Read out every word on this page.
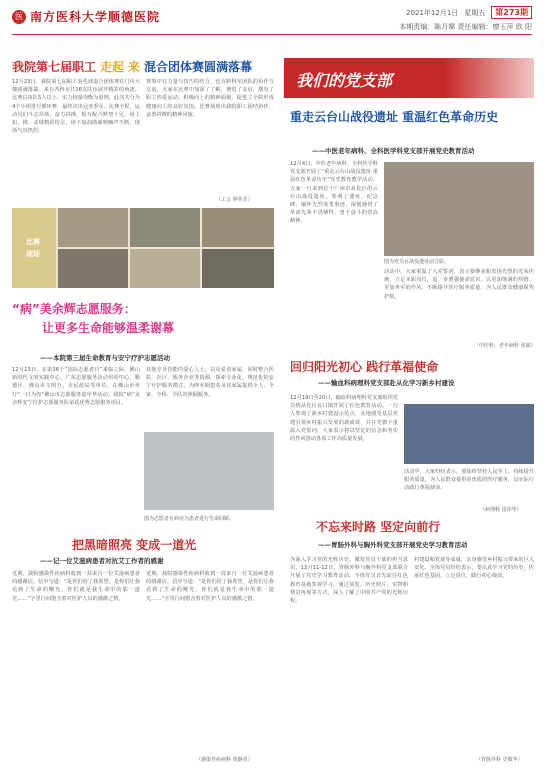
医 南方医科大学顺德医院	2021年12月1日 星期五	第273期
本期责编：陈月嫦 责任编辑：廖玉萍 欧 阳
我院第七届职工 走起 来 混合团体赛圆满落幕
12月23日，我院第七届职工羽毛球混合团体赛在门诊大楼圆满落幕。来自各科室共16支队伍展开精彩的角逐。比赛以每队5人以上、实力较量均衡为原则，此次共分为4个小组进行循环赛，最终决出冠亚季军。比赛全程，运动员们斗志昂扬、奋力拼搏，相互配合默契十足，场上扣、挑、杀球精彩纷呈，场下加油助威呐喊声不断，现场气氛热烈。
赛事中有力量与技巧的结合，也有跨科室团队的协作与交流。大家在比赛中加深了了解、增进了友谊，激发了职工热爱运动、积极向上的精神面貌，促进了全院形成健康向上的良好氛围。比赛展现出我院职工团结协作、奋勇拼搏的精神风貌。
（工会 钟英芳）
比赛
现场
“病”美余辉志愿服务：
让更多生命能够温柔谢幕
——本院第三届生命教育与安宁疗护志愿活动
12月13日，在第36个“国际志愿者日”来临之际，佛山新时代文明实践中心、广东志愿服务活动培训中心、顺德区、佛山市文明办、市民政局等单位，在佛山市举行“一日为你”佛山市志愿服务嘉年华活动。我院“病”美余辉安宁疗护志愿服务队荣获优秀志愿服务项目。
其他专业技能的爱心人士，以及爱者家属，同时整合医院、社区、服务企业等资源，探索专业化、规范化的安宁疗护服务模式，为终末期患者及其家属提供全人、全家、全程、全队的照顾服务。
图为志愿者在病房为患者进行生命回顾。
把黑暗照亮 变成一道光
——记一位艾滋病患者对抗艾工作者的感谢
近期，我院感染性疾病科收到一封来自一位艾滋病患者的感谢信。信中写道：“是你们给了我希望，是你们让我看到了生命的曙光，你们就是我生命中的那一道光……”字里行间饱含着对医护人员的感激之情。
近期，我院感染性疾病科收到一封来自一位艾滋病患者的感谢信。信中写道：“是你们给了我希望，是你们让我看到了生命的曙光，你们就是我生命中的那一道光……”字里行间饱含着对医护人员的感激之情。
（感染性疾病科 黄静苗）
我们的党支部
重走云台山战役遗址 重温红色革命历史
——中医老年病科、全科医学科党支部开展党史教育活动
12月4日，中医老年病科、全科医学科党支部开展了“重走云台山战役遗址 重温红色革命历史”党史教育教学活动。大家一行来到位于广州市从化区的云台山战役遗址，参观了遗址、纪念碑，缅怀先烈英勇事迹，深刻感悟了革命先辈不畏牺牲、勇于奋斗的崇高精神。
图为党员在战役遗址前合影。
活动中，大家重温了入党誓词，表示要继承和发扬先烈的光荣传统，立足本职岗位，进一步增强使命意识，以更加饱满的热情、更加务实的作风，不断提升医疗服务质量，为人民群众健康保驾护航。
（中医科、老年病科 张斌）
回归阳光初心 践行革福使命
——输血科病理科党支部赴从化学习新乡村建设
12月19日至20日，输血科病理科党支部组织党员到从化区良口镇开展了红色教育活动。一行人参观了新乡村建设示范点，实地感受基层党建引领乡村振兴发展的新成效，并在党旗下重温入党誓词，大家表示将以坚定的信念和务实的作风推动各项工作高质量发展。
活动中，大家纷纷表示，要始终坚持人民至上，持续提升服务质量，为人民群众提供更优质的医疗服务，以实际行动践行革福使命。
（病理科 雷伟华）
不忘来时路 坚定向前行
——胃肠外科与胸外科党支部开展党史学习教育活动
为深入学习党的光辉历史，激发党员干部的担当意识，12月11-12日，胃肠外科与胸外科党支部联合开展了党史学习教育活动。全体党员首先前往红色教育基地参观学习，通过展览、历史照片、实物和情景再现等方式，深入了解了中国共产党的光辉历程。
村建设和发展等成就，亲身感受乡村振兴带来的巨大变化。全体党员纷纷表示，要认真学习党的历史，传承红色基因，立足岗位，践行初心使命。
（胃肠外科 史敬华）
